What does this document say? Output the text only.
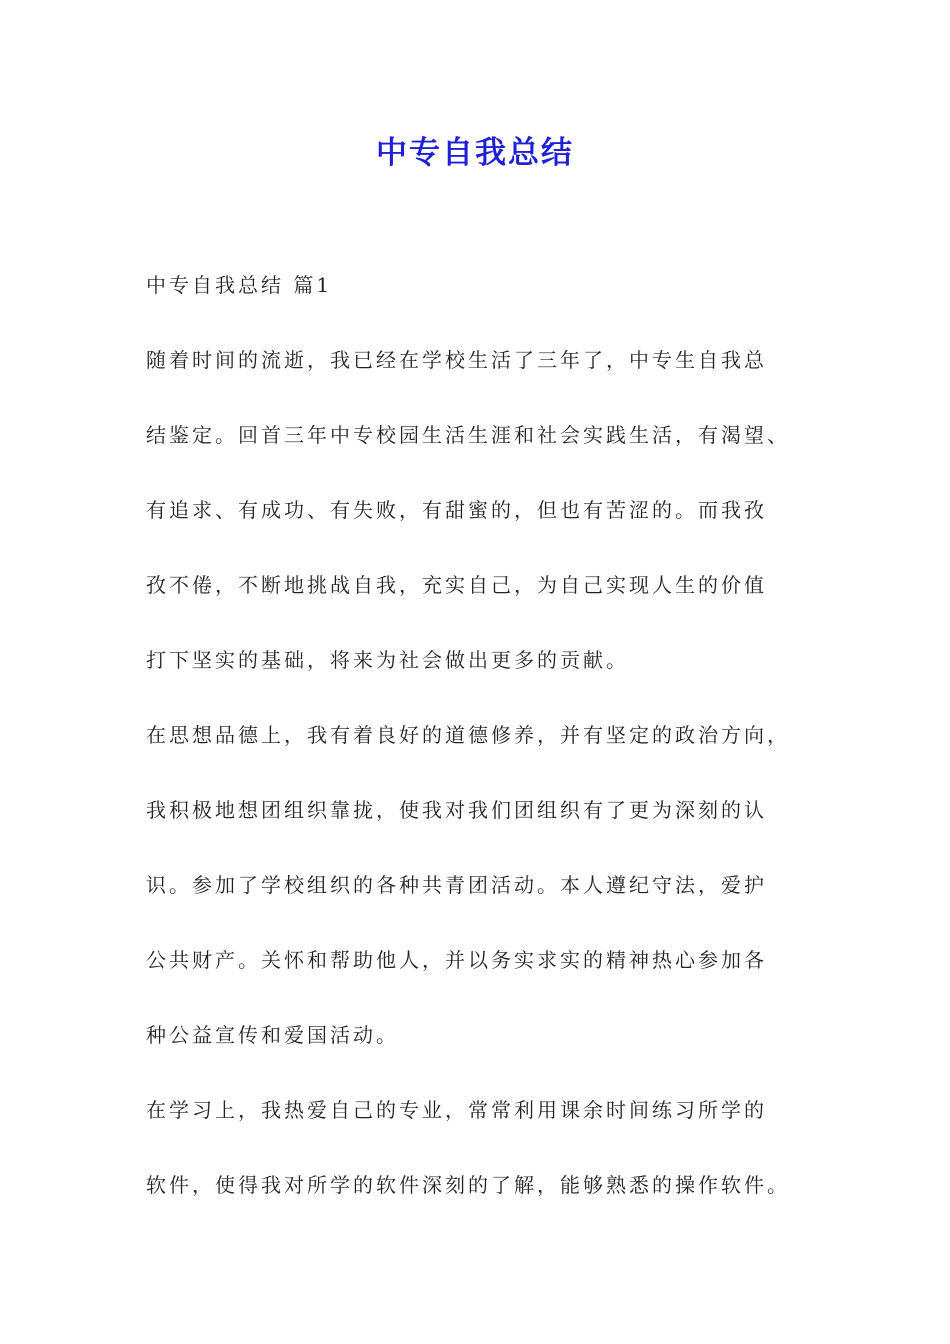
中专自我总结
中专自我总结 篇1
随着时间的流逝，我已经在学校生活了三年了，中专生自我总
结鉴定。回首三年中专校园生活生涯和社会实践生活，有渴望、
有追求、有成功、有失败，有甜蜜的，但也有苦涩的。而我孜
孜不倦，不断地挑战自我，充实自己，为自己实现人生的价值
打下坚实的基础，将来为社会做出更多的贡献。
在思想品德上，我有着良好的道德修养，并有坚定的政治方向，
我积极地想团组织靠拢，使我对我们团组织有了更为深刻的认
识。参加了学校组织的各种共青团活动。本人遵纪守法，爱护
公共财产。关怀和帮助他人，并以务实求实的精神热心参加各
种公益宣传和爱国活动。
在学习上，我热爱自己的专业，常常利用课余时间练习所学的
软件，使得我对所学的软件深刻的了解，能够熟悉的操作软件。
